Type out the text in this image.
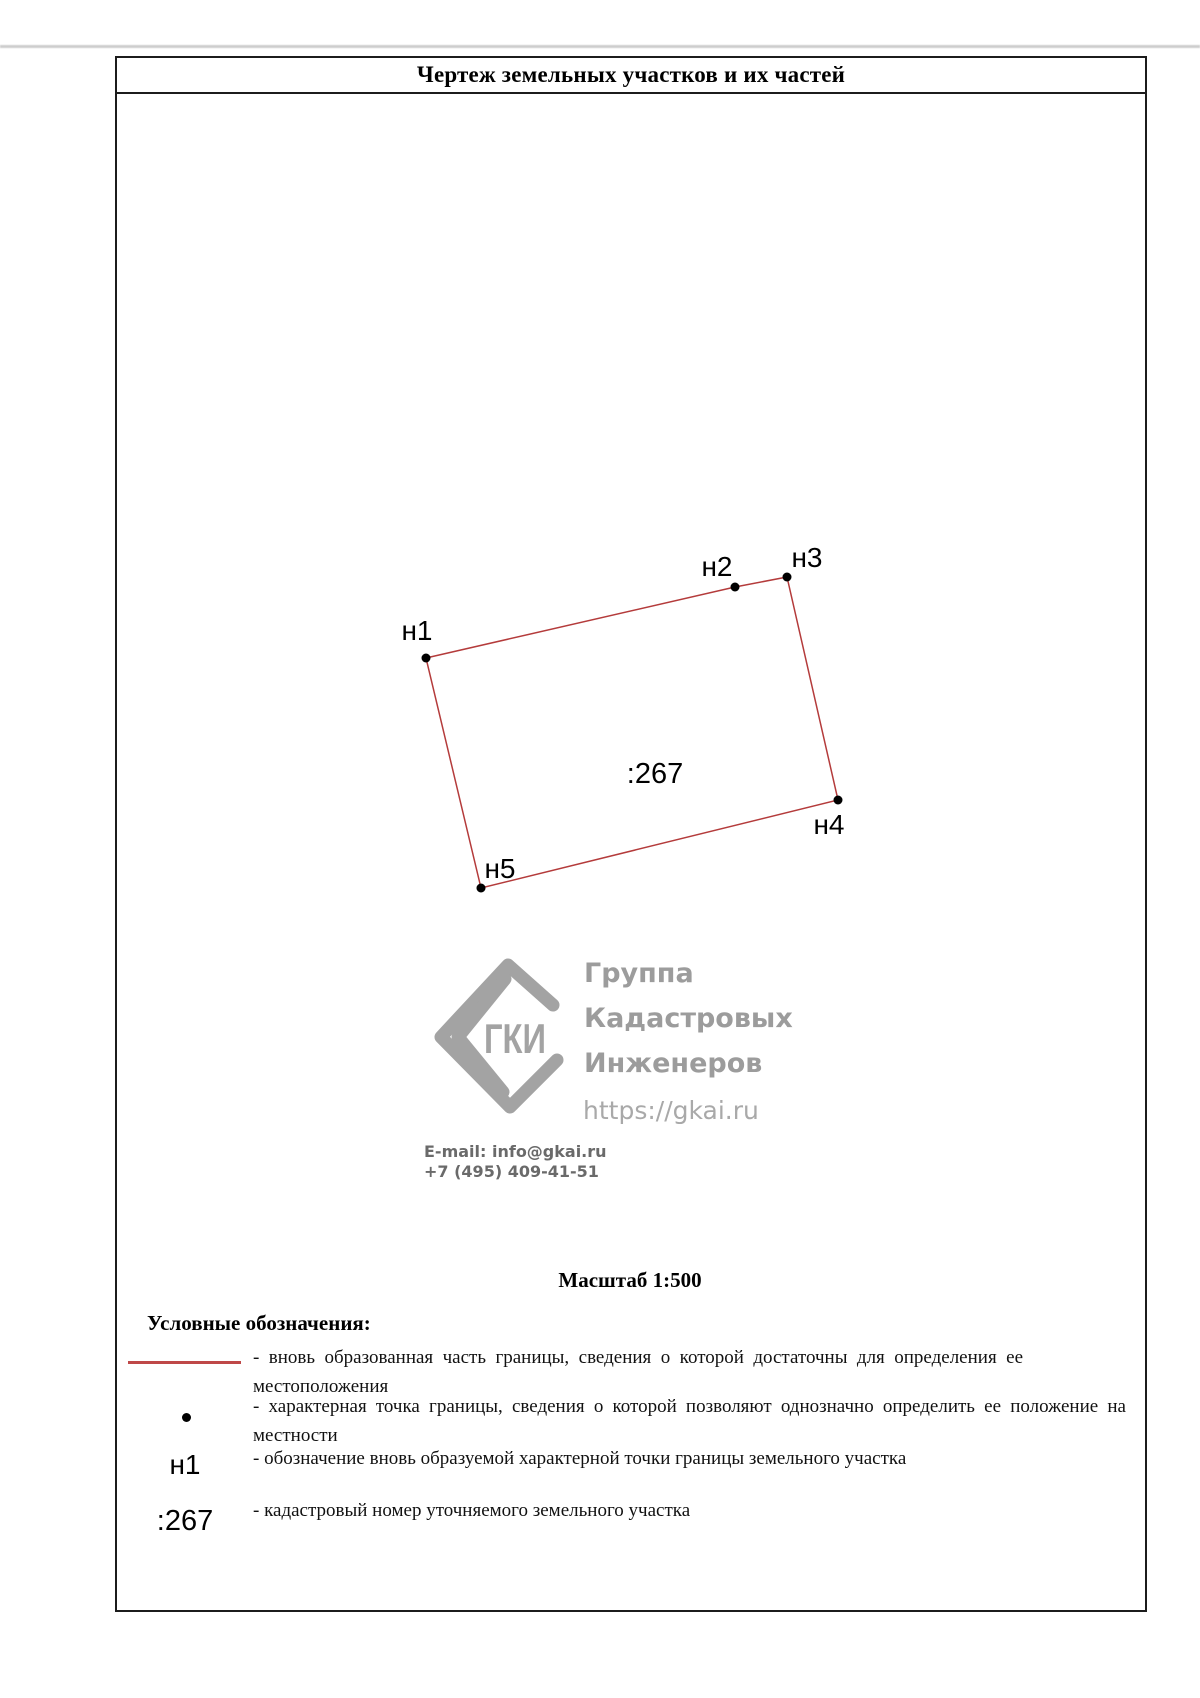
Чертеж земельных участков и их частей
н1
н2 н3
н4
н5
:267
ГКИ
Группа
Кадастровых
Инженеров
https://gkai.ru
E-mail: info@gkai.ru
+7 (495) 409-41-51
Масштаб 1:500
Условные обозначения:
н1
:267
- вновь образованная часть границы, сведения о которой достаточны для определения ее
местоположения
- характерная точка границы, сведения о которой позволяют однозначно определить ее положение на
местности
- обозначение вновь образуемой характерной точки границы земельного участка
- кадастровый номер уточняемого земельного участка
